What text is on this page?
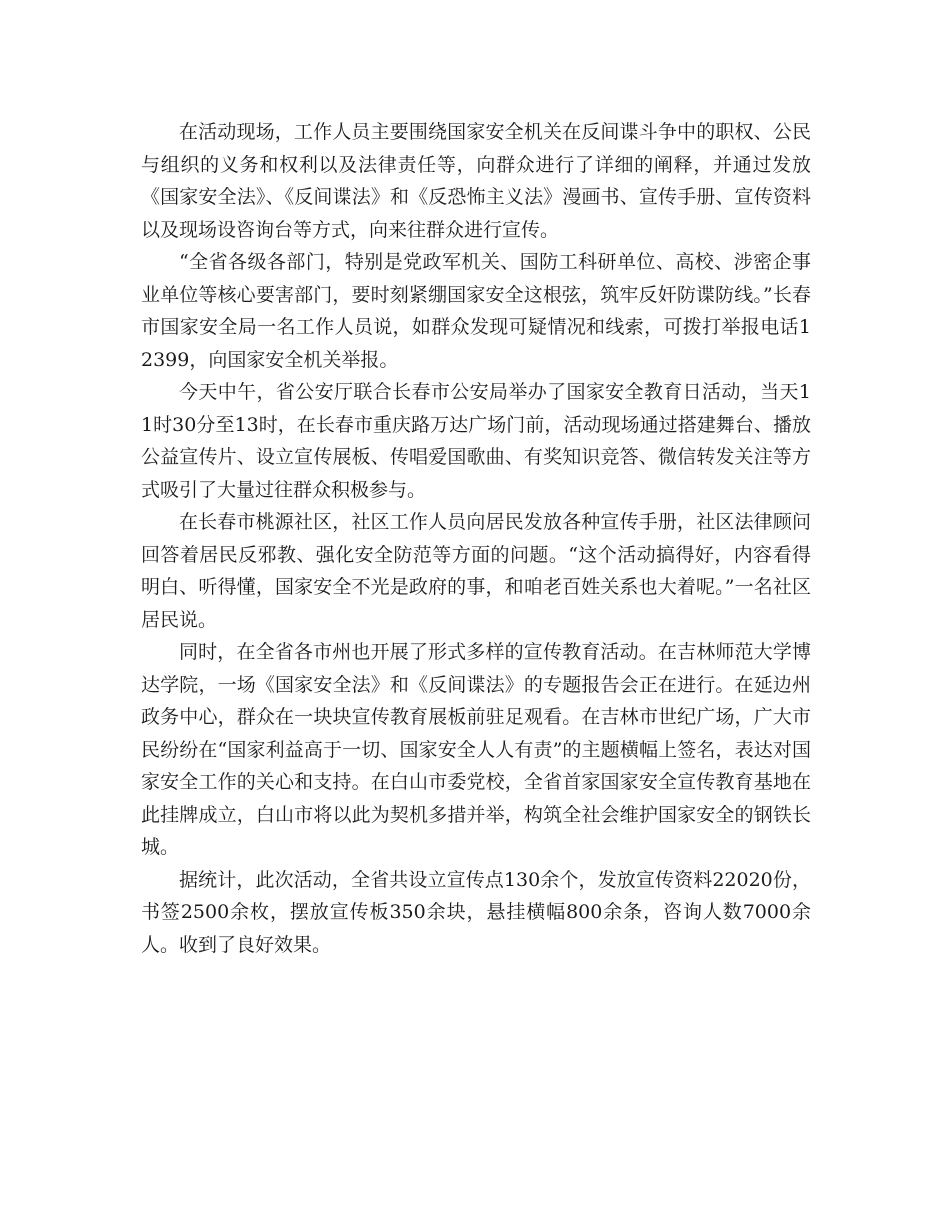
在活动现场，工作人员主要围绕国家安全机关在反间谍斗争中的职权、公民与组织的义务和权利以及法律责任等，向群众进行了详细的阐释，并通过发放《国家安全法》、《反间谍法》和《反恐怖主义法》漫画书、宣传手册、宣传资料以及现场设咨询台等方式，向来往群众进行宣传。

“全省各级各部门，特别是党政军机关、国防工科研单位、高校、涉密企事业单位等核心要害部门，要时刻紧绷国家安全这根弦，筑牢反奸防谍防线。”长春市国家安全局一名工作人员说，如群众发现可疑情况和线索，可拨打举报电话12399，向国家安全机关举报。

今天中午，省公安厅联合长春市公安局举办了国家安全教育日活动，当天11时30分至13时，在长春市重庆路万达广场门前，活动现场通过搭建舞台、播放公益宣传片、设立宣传展板、传唱爱国歌曲、有奖知识竞答、微信转发关注等方式吸引了大量过往群众积极参与。

在长春市桃源社区，社区工作人员向居民发放各种宣传手册，社区法律顾问回答着居民反邪教、强化安全防范等方面的问题。“这个活动搞得好，内容看得明白、听得懂，国家安全不光是政府的事，和咱老百姓关系也大着呢。”一名社区居民说。

同时，在全省各市州也开展了形式多样的宣传教育活动。在吉林师范大学博达学院，一场《国家安全法》和《反间谍法》的专题报告会正在进行。在延边州政务中心，群众在一块块宣传教育展板前驻足观看。在吉林市世纪广场，广大市民纷纷在“国家利益高于一切、国家安全人人有责”的主题横幅上签名，表达对国家安全工作的关心和支持。在白山市委党校，全省首家国家安全宣传教育基地在此挂牌成立，白山市将以此为契机多措并举，构筑全社会维护国家安全的钢铁长城。

据统计，此次活动，全省共设立宣传点130余个，发放宣传资料22020份，书签2500余枚，摆放宣传板350余块，悬挂横幅800余条，咨询人数7000余人。收到了良好效果。
